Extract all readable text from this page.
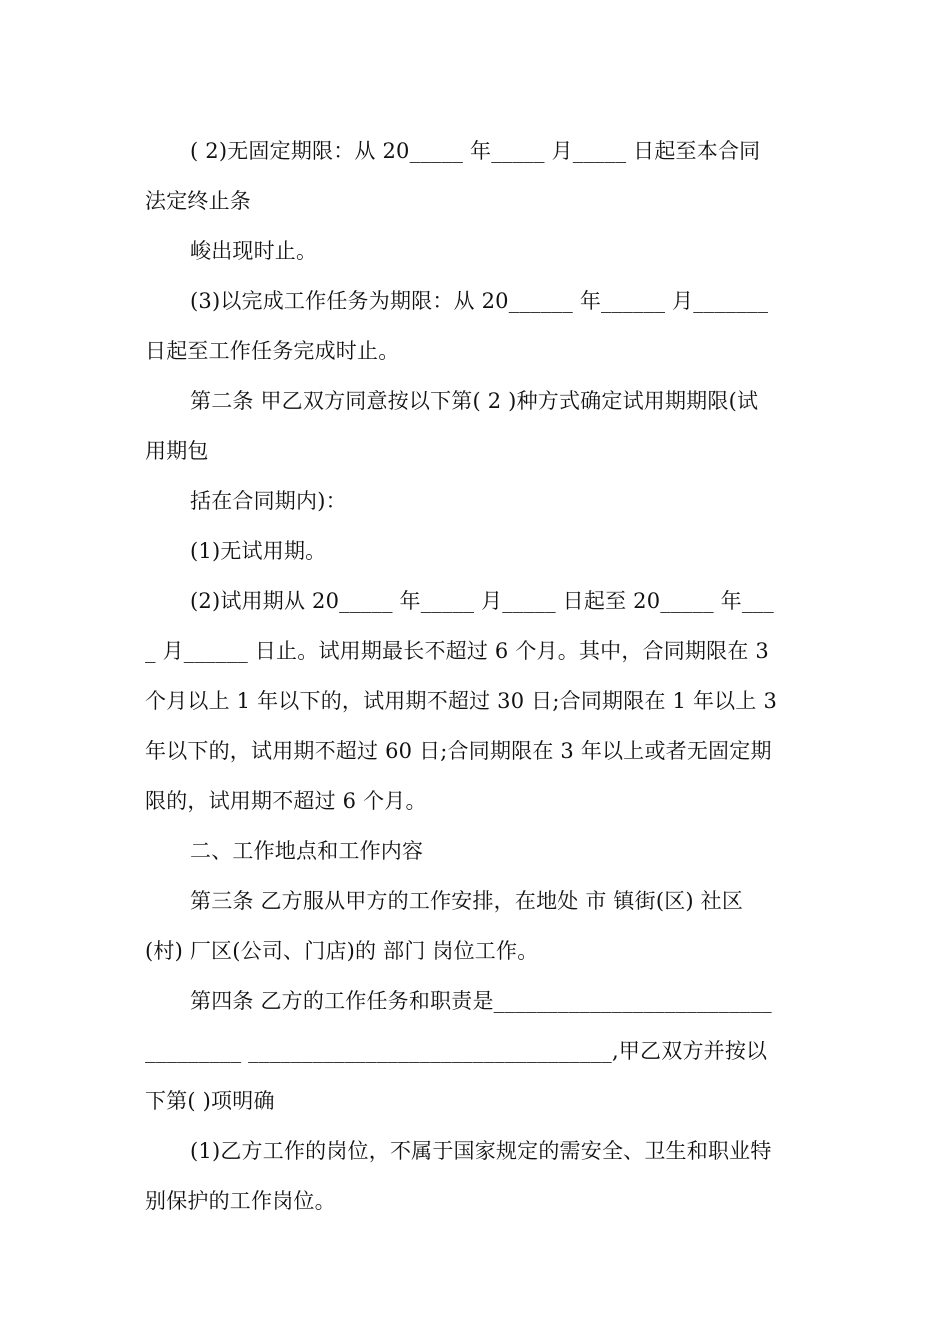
( 2)无固定期限：从 20_____ 年_____ 月_____ 日起至本合同
法定终止条
峻出现时止。
(3)以完成工作任务为期限：从 20______ 年______ 月_______
日起至工作任务完成时止。
第二条 甲乙双方同意按以下第( 2 )种方式确定试用期期限(试
用期包
括在合同期内)：
(1)无试用期。
(2)试用期从 20_____ 年_____ 月_____ 日起至 20_____ 年___
_ 月______ 日止。试用期最长不超过 6 个月。其中，合同期限在 3
个月以上 1 年以下的，试用期不超过 30 日;合同期限在 1 年以上 3
年以下的，试用期不超过 60 日;合同期限在 3 年以上或者无固定期
限的，试用期不超过 6 个月。
二、工作地点和工作内容
第三条 乙方服从甲方的工作安排，在地处 市 镇街(区) 社区
(村) 厂区(公司、门店)的 部门 岗位工作。
第四条 乙方的工作任务和职责是__________________________
_________ __________________________________,甲乙双方并按以
下第( )项明确
(1)乙方工作的岗位，不属于国家规定的需安全、卫生和职业特
别保护的工作岗位。
